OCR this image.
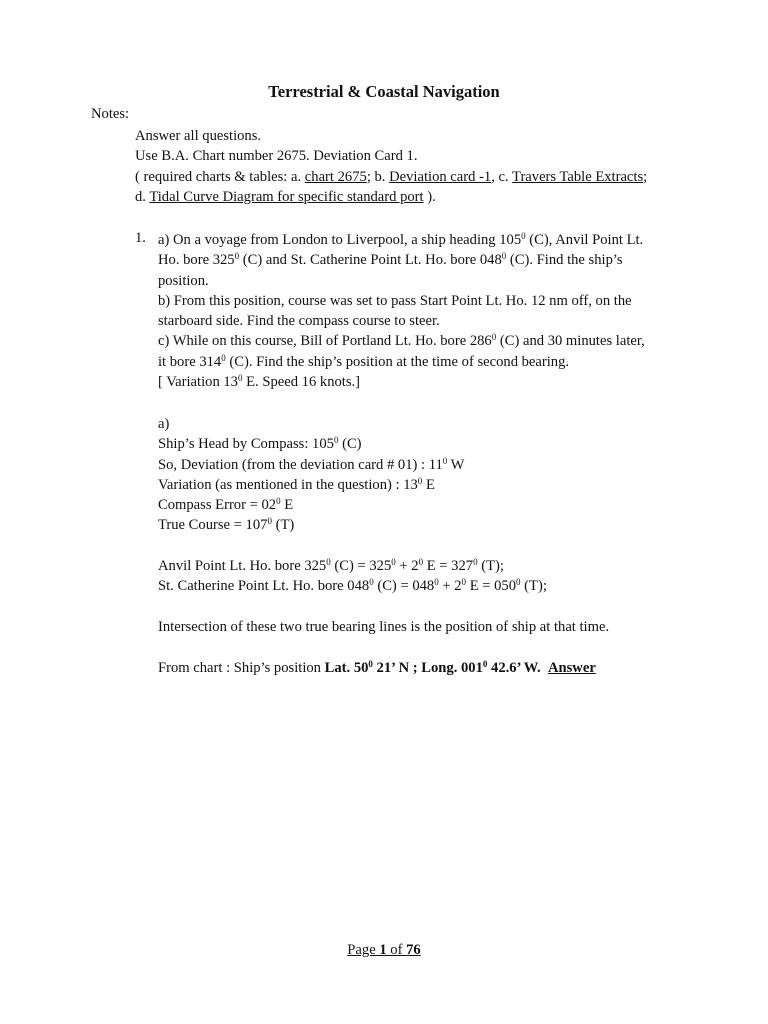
Terrestrial & Coastal Navigation
Notes:
Answer all questions.
Use B.A. Chart number 2675. Deviation Card 1.
( required charts & tables: a. chart 2675; b. Deviation card -1, c. Travers Table Extracts;
d. Tidal Curve Diagram for specific standard port ).
1. a) On a voyage from London to Liverpool, a ship heading $105^0$ (C), Anvil Point Lt.
Ho. bore $325^0$ (C) and St. Catherine Point Lt. Ho. bore $048^0$ (C). Find the ship’s
position.
b) From this position, course was set to pass Start Point Lt. Ho. 12 nm off, on the
starboard side. Find the compass course to steer.
c) While on this course, Bill of Portland Lt. Ho. bore $286^0$ (C) and 30 minutes later,
it bore $314^0$ (C). Find the ship’s position at the time of second bearing.
[ Variation $13^0$ E. Speed 16 knots.]
a)
Ship’s Head by Compass: $105^0$ (C)
So, Deviation (from the deviation card # 01) : $11^0$ W
Variation (as mentioned in the question) : $13^0$ E
Compass Error = $02^0$ E
True Course = $107^0$ (T)
Anvil Point Lt. Ho. bore $325^0$ $(C) = 325^0 + 2^0$ $E = 327^0$ (T);
St. Catherine Point Lt. Ho. bore $048^0$ $(C) = 048^0 + 2^0$ $E = 050^0$ (T);
Intersection of these two true bearing lines is the position of ship at that time.
From chart : Ship’s position Lat. $50^0$ 21’ N ; Long. $001^0$ 42.6’ W. Answer
Page 1 of 76
